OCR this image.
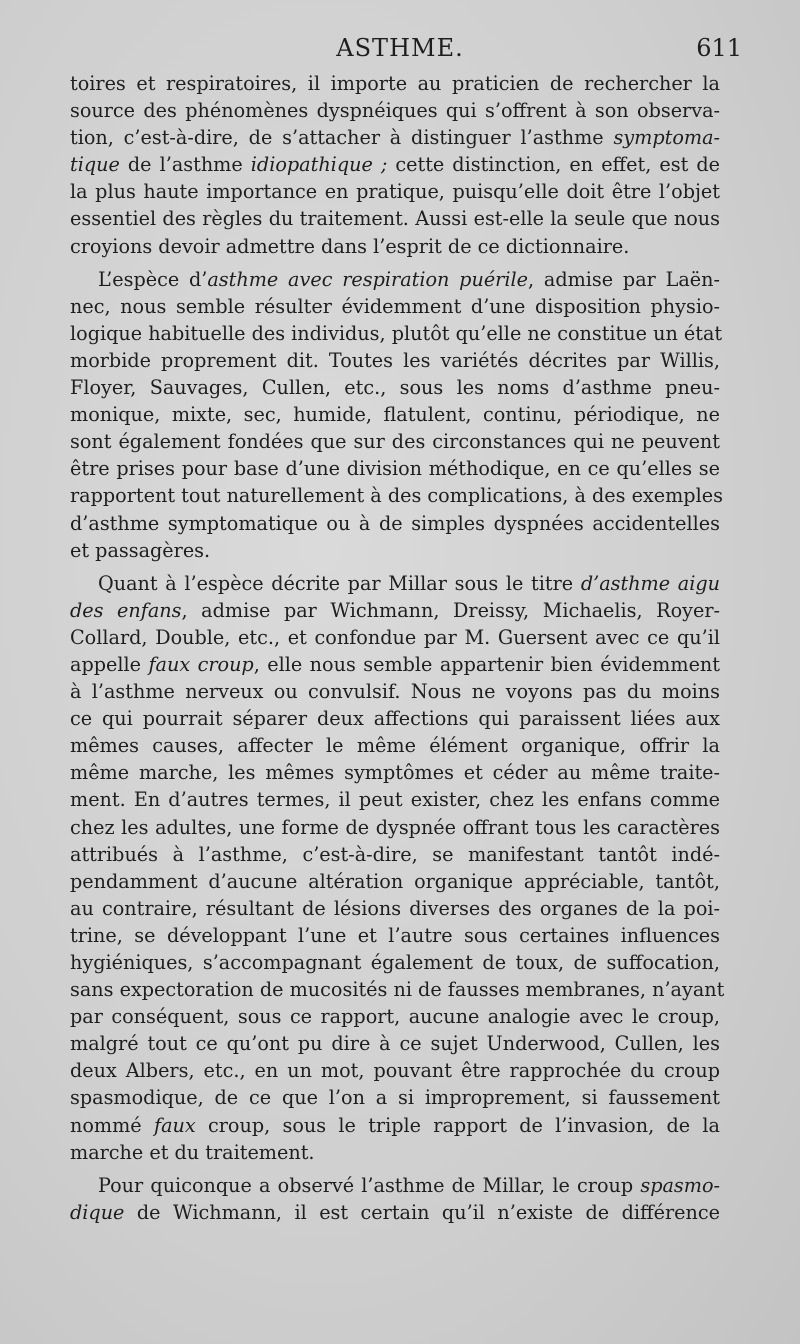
ASTHME.	611
toires et respiratoires, il importe au praticien de rechercher la
source des phénomènes dyspnéiques qui s’offrent à son observa-
tion, c’est-à-dire, de s’attacher à distinguer l’asthme symptoma-
tique de l’asthme idiopathique ; cette distinction, en effet, est de
la plus haute importance en pratique, puisqu’elle doit être l’objet
essentiel des règles du traitement. Aussi est-elle la seule que nous
croyions devoir admettre dans l’esprit de ce dictionnaire.
L’espèce d’asthme avec respiration puérile, admise par Laën-
nec, nous semble résulter évidemment d’une disposition physio-
logique habituelle des individus, plutôt qu’elle ne constitue un état
morbide proprement dit. Toutes les variétés décrites par Willis,
Floyer, Sauvages, Cullen, etc., sous les noms d’asthme pneu-
monique, mixte, sec, humide, flatulent, continu, périodique, ne
sont également fondées que sur des circonstances qui ne peuvent
être prises pour base d’une division méthodique, en ce qu’elles se
rapportent tout naturellement à des complications, à des exemples
d’asthme symptomatique ou à de simples dyspnées accidentelles
et passagères.
Quant à l’espèce décrite par Millar sous le titre d’asthme aigu
des enfans, admise par Wichmann, Dreissy, Michaelis, Royer-
Collard, Double, etc., et confondue par M. Guersent avec ce qu’il
appelle faux croup, elle nous semble appartenir bien évidemment
à l’asthme nerveux ou convulsif. Nous ne voyons pas du moins
ce qui pourrait séparer deux affections qui paraissent liées aux
mêmes causes, affecter le même élément organique, offrir la
même marche, les mêmes symptômes et céder au même traite-
ment. En d’autres termes, il peut exister, chez les enfans comme
chez les adultes, une forme de dyspnée offrant tous les caractères
attribués à l’asthme, c’est-à-dire, se manifestant tantôt indé-
pendamment d’aucune altération organique appréciable, tantôt,
au contraire, résultant de lésions diverses des organes de la poi-
trine, se développant l’une et l’autre sous certaines influences
hygiéniques, s’accompagnant également de toux, de suffocation,
sans expectoration de mucosités ni de fausses membranes, n’ayant
par conséquent, sous ce rapport, aucune analogie avec le croup,
malgré tout ce qu’ont pu dire à ce sujet Underwood, Cullen, les
deux Albers, etc., en un mot, pouvant être rapprochée du croup
spasmodique, de ce que l’on a si improprement, si faussement
nommé faux croup, sous le triple rapport de l’invasion, de la
marche et du traitement.
Pour quiconque a observé l’asthme de Millar, le croup spasmo-
dique de Wichmann, il est certain qu’il n’existe de différence
